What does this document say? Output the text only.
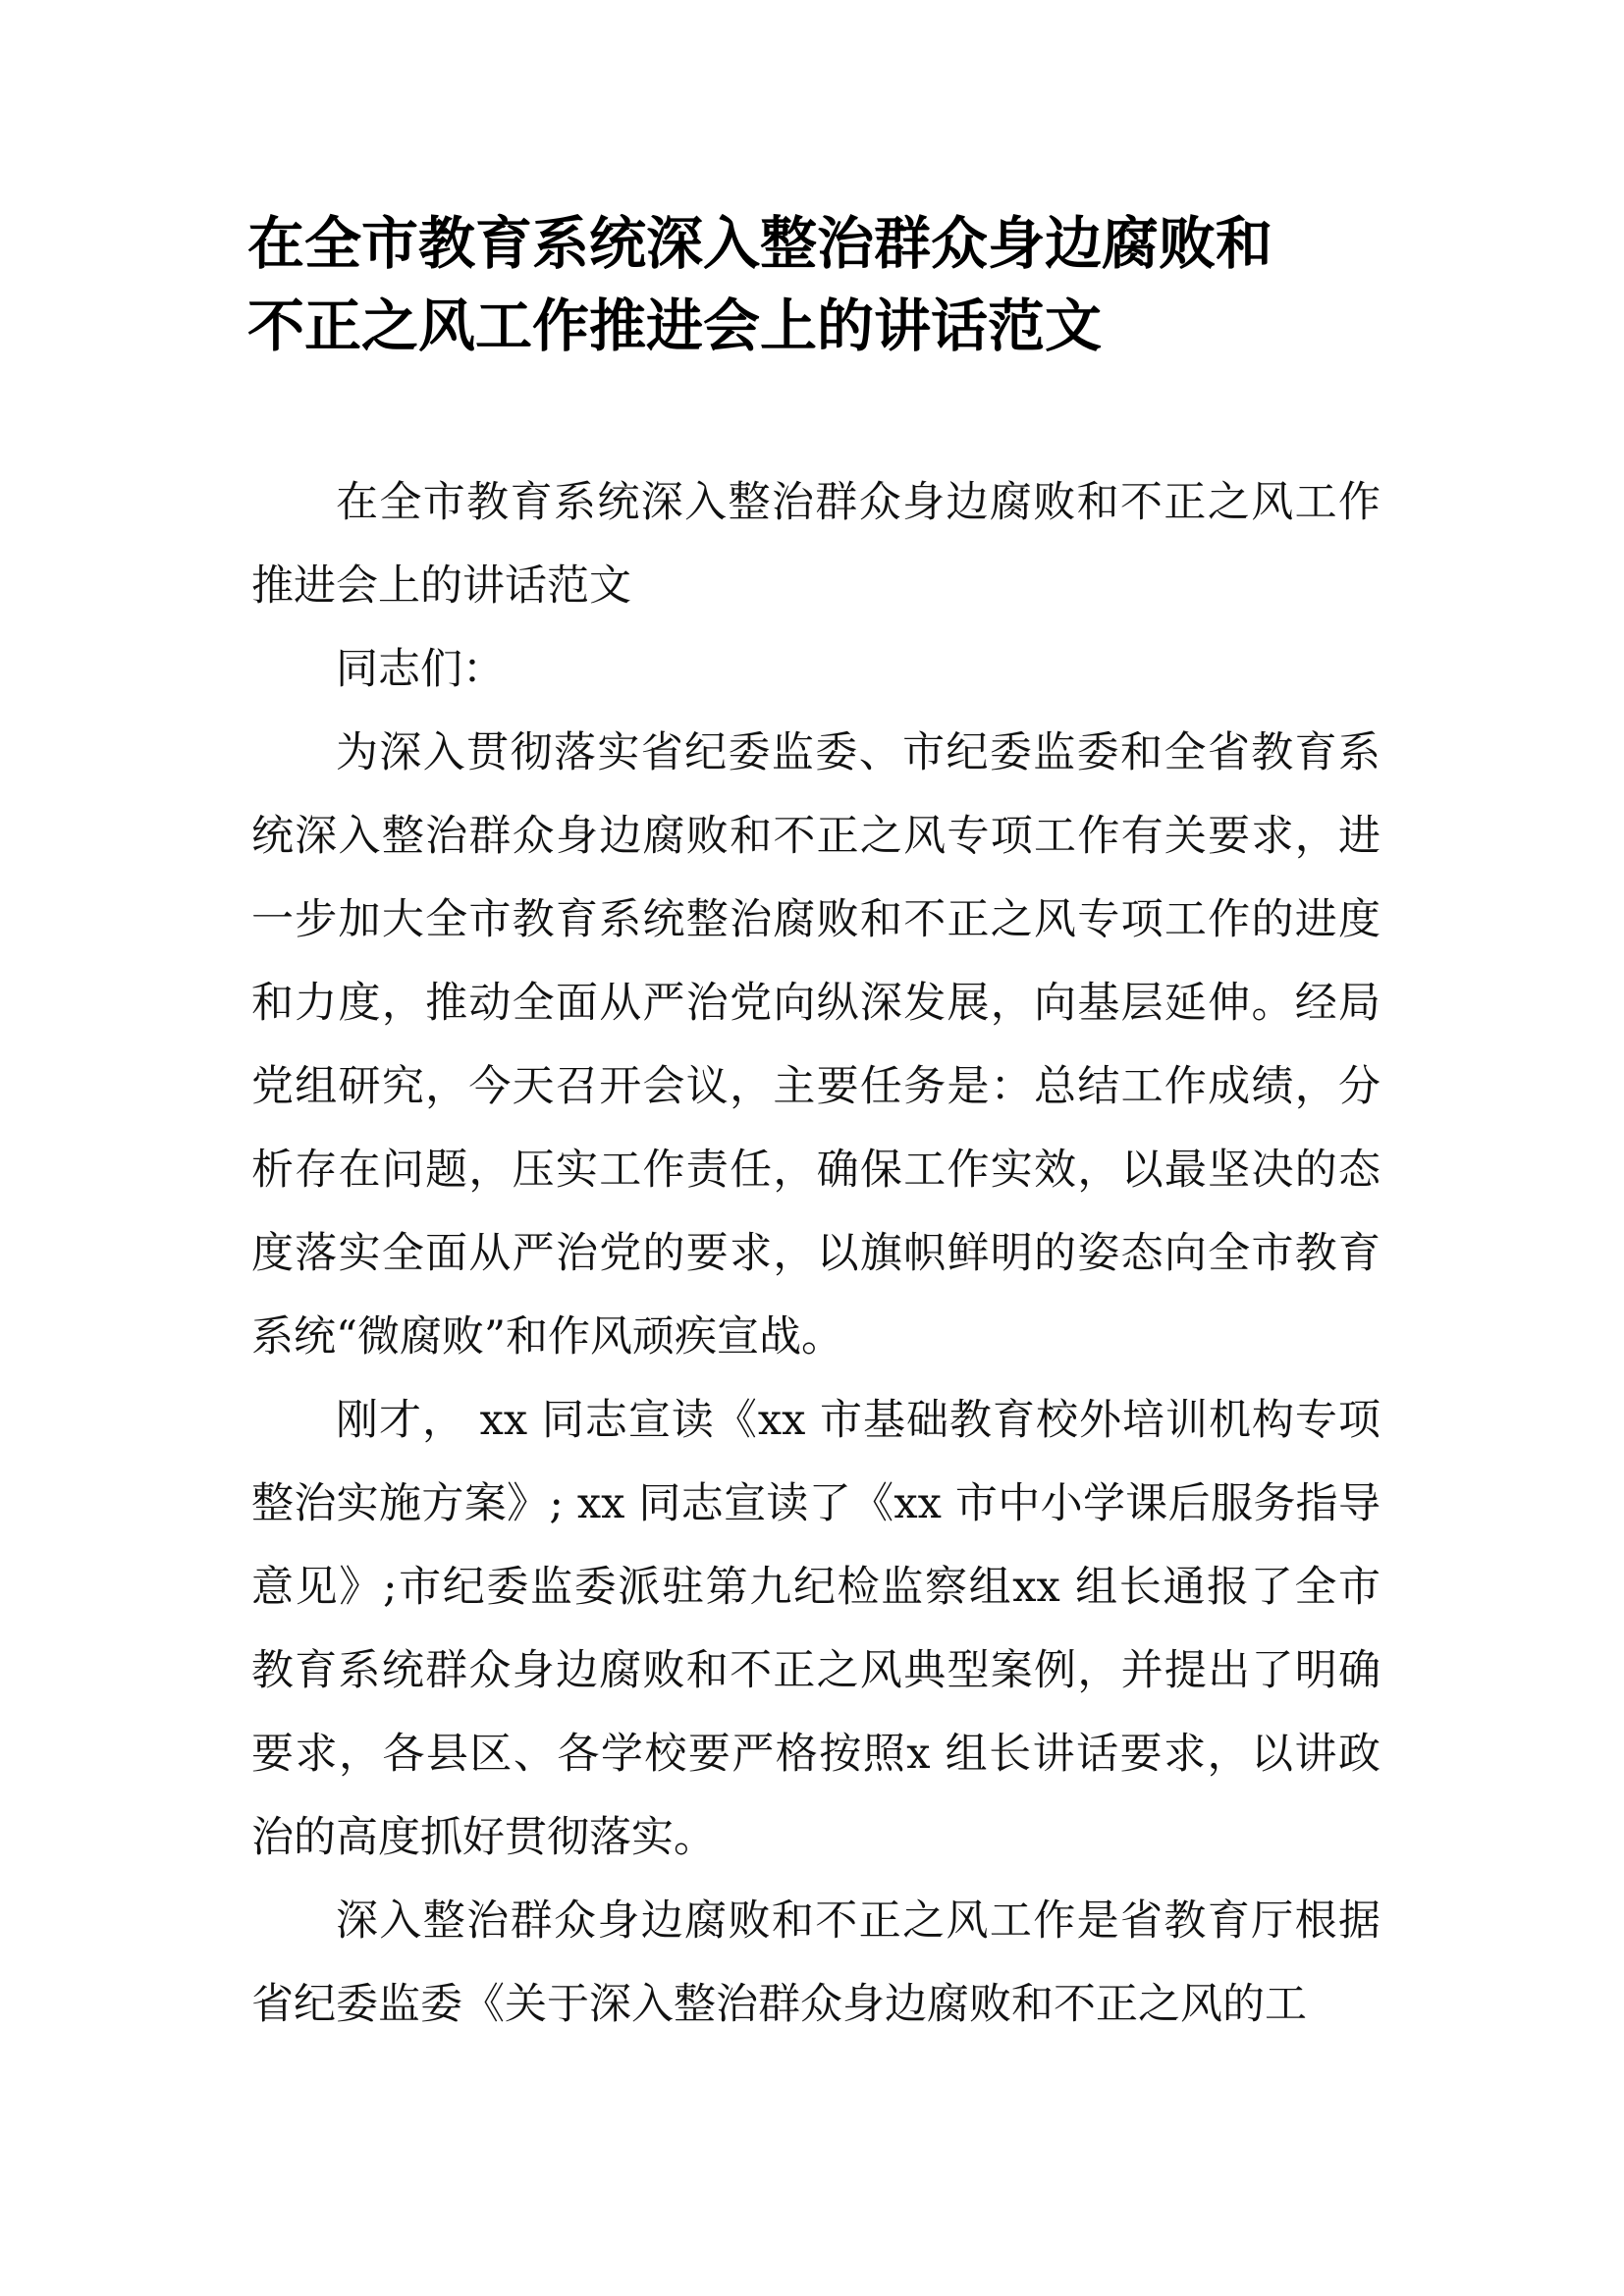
在全市教育系统深入整治群众身边腐败和
不正之风工作推进会上的讲话范文

在全市教育系统深入整治群众身边腐败和不正之风工作推进会上的讲话范文

同志们：

为深入贯彻落实省纪委监委、市纪委监委和全省教育系统深入整治群众身边腐败和不正之风专项工作有关要求，进一步加大全市教育系统整治腐败和不正之风专项工作的进度和力度，推动全面从严治党向纵深发展，向基层延伸。经局党组研究，今天召开会议，主要任务是：总结工作成绩，分析存在问题，压实工作责任，确保工作实效，以最坚决的态度落实全面从严治党的要求，以旗帜鲜明的姿态向全市教育系统“微腐败”和作风顽疾宣战。

刚才， xx 同志宣读《xx 市基础教育校外培训机构专项整治实施方案》; xx 同志宣读了《xx 市中小学课后服务指导意见》;市纪委监委派驻第九纪检监察组xx 组长通报了全市教育系统群众身边腐败和不正之风典型案例，并提出了明确要求，各县区、各学校要严格按照x 组长讲话要求，以讲政治的高度抓好贯彻落实。

深入整治群众身边腐败和不正之风工作是省教育厅根据省纪委监委《关于深入整治群众身边腐败和不正之风的工
